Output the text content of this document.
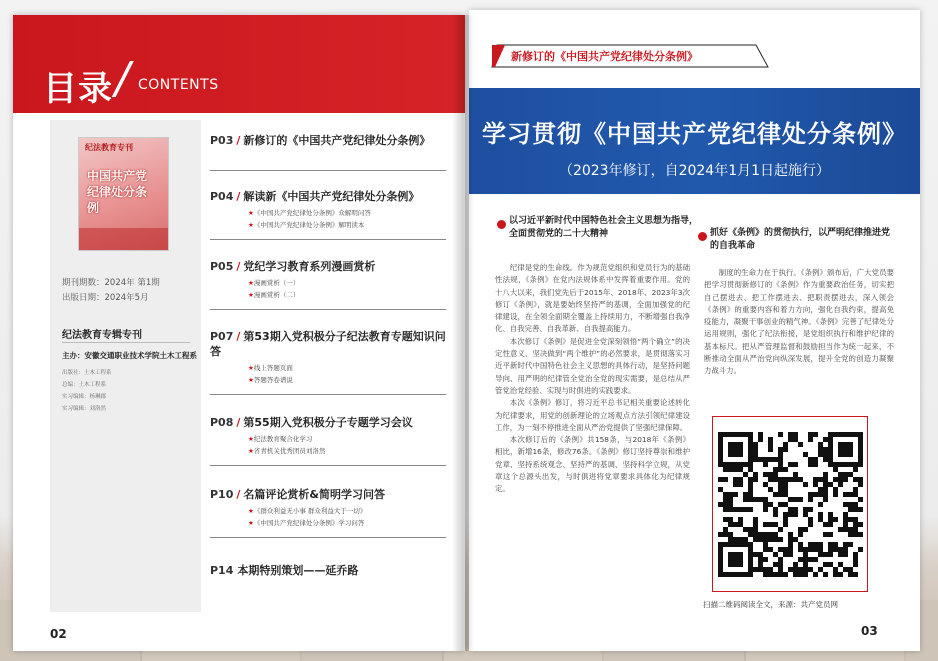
目录 / CONTENTS
纪法教育专刊
中国共产党纪律处分条例
期刊期数：2024年 第1期
出版日期：2024年5月
纪法教育专辑专刊
主办：安徽交通职业技术学院土木工程系
出版社：土木工程系
总编：土木工程系
实习编辑：杨琳郡
实习编辑：刘洛然
P03 / 新修订的《中国共产党纪律处分条例》
P04 / 解读新《中国共产党纪律处分条例》
★《中国共产党纪律处分条例》众解明问答
★《中国共产党纪律处分条例》解明读本
P05 / 党纪学习教育系列漫画赏析
★漫画赏析（一）
★漫画赏析（二）
P07 / 第53期入党积极分子纪法教育专题知识问答
★线上答题页面
★答题答卷谱说
P08 / 第55期入党积极分子专题学习会议
★纪法教育聚合化学习
★省青机关优秀团员刘洛然
P10 / 名篇评论赏析&简明学习问答
★《群众利益无小事 群众利益大于一切》
★《中国共产党纪律处分条例》学习问答
P14 本期特别策划——延乔路
02
新修订的《中国共产党纪律处分条例》
学习贯彻《中国共产党纪律处分条例》
（2023年修订，自2024年1月1日起施行）
以习近平新时代中国特色社会主义思想为指导，全面贯彻党的二十大精神

纪律是党的生命线。作为规范党组织和党员行为的基础性法规，《条例》在党内法规体系中发挥着重要作用。党的十八大以来，我们党先后于2015年、2018年、2023年3次修订《条例》，就是要始终坚持严的基调，全面加强党的纪律建设，在全领全面期全覆盖上持续用力，不断增强自我净化、自我完善、自我革新、自我提高能力。

本次修订《条例》是促进全党深刻领悟“两个确立”的决定性意义、坚决做到“两个维护”的必然要求，是贯彻落实习近平新时代中国特色社会主义思想的具体行动，是坚持问题导向、用严明的纪律管全党治全党的现实需要，是总结从严管党治党经验、实现与时俱进的实践要求。

本次《条例》修订，将习近平总书记相关重要论述转化为纪律要求，用党的创新理论的立场观点方法引领纪律建设工作，为一刻不停推进全面从严治党提供了坚强纪律保障。

本次修订后的《条例》共158条，与2018年《条例》相比，新增16条，修改76条。《条例》修订坚持尊崇和维护党章、坚持系统观念、坚持严的基调、坚持科学立规，从党章这个总源头出发，与时俱进将党章要求具体化为纪律规定。

抓好《条例》的贯彻执行，以严明纪律推进党的自我革命

制度的生命力在于执行。《条例》颁布后，广大党员要把学习贯彻新修订的《条例》作为重要政治任务，切实把自己摆进去、把工作摆进去、把职责摆进去，深入领会《条例》的重要内容和着力方向，强化自我约束，提高免疫能力，凝聚干事创业的精气神。《条例》完善了纪律处分运用规则，强化了纪法衔接，是党组织执行和维护纪律的基本标尺。把从严管理监督和鼓励担当作为统一起来，不断推动全面从严治党向纵深发展，提升全党的创造力凝聚力战斗力。

扫描二维码阅读全文，来源：共产党员网
03
